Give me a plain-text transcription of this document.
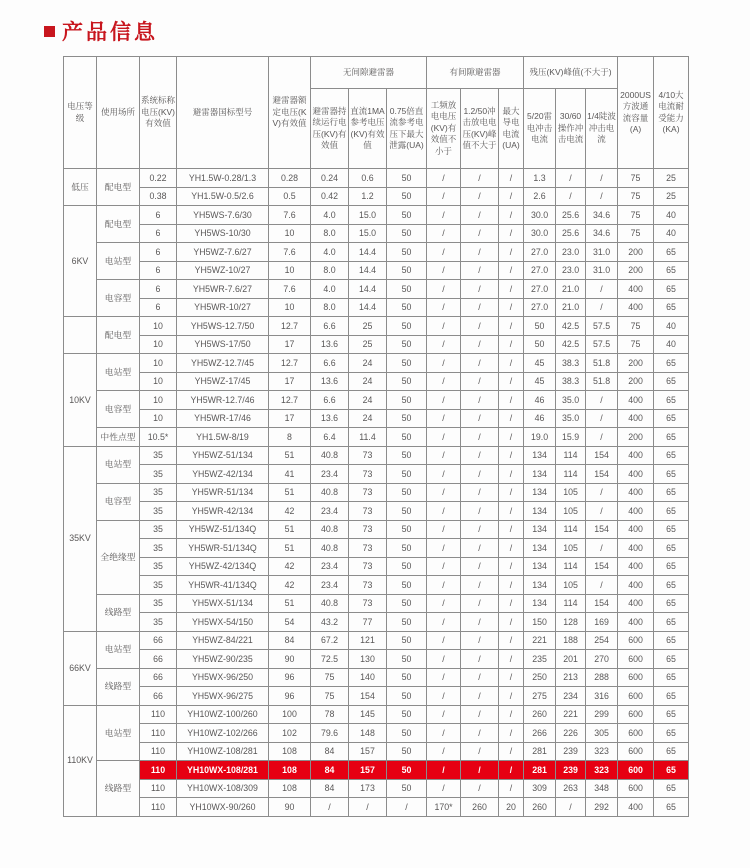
产品信息
电压等级	使用场所	系统标称电压(KV)有效值	避雷器国标型号	避雷器额定电压(KV)有效值	无间隙避雷器			有间隙避雷器			残压(KV)峰值(不大于)			2000US方波通流容量(A)	4/10大电流耐受能力(KA)
					避雷器持续运行电压(KV)有效值	直流1MA参考电压(KV)有效值	0.75倍直流参考电压下最大泄露(UA)	工频放电电压(KV)有效值不小于	1.2/50冲击放电电压(KV)峰值不大于	最大导电电流(UA)	5/20雷电冲击电流	30/60操作冲击电流	1/4陡波冲击电流		
低压	配电型	0.22	YH1.5W-0.28/1.3	0.28	0.24	0.6	50	/	/	/	1.3	/	/	75	25
		0.38	YH1.5W-0.5/2.6	0.5	0.42	1.2	50	/	/	/	2.6	/	/	75	25
6KV	配电型	6	YH5WS-7.6/30	7.6	4.0	15.0	50	/	/	/	30.0	25.6	34.6	75	40
		6	YH5WS-10/30	10	8.0	15.0	50	/	/	/	30.0	25.6	34.6	75	40
	电站型	6	YH5WZ-7.6/27	7.6	4.0	14.4	50	/	/	/	27.0	23.0	31.0	200	65
		6	YH5WZ-10/27	10	8.0	14.4	50	/	/	/	27.0	23.0	31.0	200	65
	电容型	6	YH5WR-7.6/27	7.6	4.0	14.4	50	/	/	/	27.0	21.0	/	400	65
		6	YH5WR-10/27	10	8.0	14.4	50	/	/	/	27.0	21.0	/	400	65
	配电型	10	YH5WS-12.7/50	12.7	6.6	25	50	/	/	/	50	42.5	57.5	75	40
		10	YH5WS-17/50	17	13.6	25	50	/	/	/	50	42.5	57.5	75	40
10KV	电站型	10	YH5WZ-12.7/45	12.7	6.6	24	50	/	/	/	45	38.3	51.8	200	65
		10	YH5WZ-17/45	17	13.6	24	50	/	/	/	45	38.3	51.8	200	65
	电容型	10	YH5WR-12.7/46	12.7	6.6	24	50	/	/	/	46	35.0	/	400	65
		10	YH5WR-17/46	17	13.6	24	50	/	/	/	46	35.0	/	400	65
	中性点型	10.5*	YH1.5W-8/19	8	6.4	11.4	50	/	/	/	19.0	15.9	/	200	65
35KV	电站型	35	YH5WZ-51/134	51	40.8	73	50	/	/	/	134	114	154	400	65
		35	YH5WZ-42/134	41	23.4	73	50	/	/	/	134	114	154	400	65
	电容型	35	YH5WR-51/134	51	40.8	73	50	/	/	/	134	105	/	400	65
		35	YH5WR-42/134	42	23.4	73	50	/	/	/	134	105	/	400	65
	全绝缘型	35	YH5WZ-51/134Q	51	40.8	73	50	/	/	/	134	114	154	400	65
		35	YH5WR-51/134Q	51	40.8	73	50	/	/	/	134	105	/	400	65
		35	YH5WZ-42/134Q	42	23.4	73	50	/	/	/	134	114	154	400	65
		35	YH5WR-41/134Q	42	23.4	73	50	/	/	/	134	105	/	400	65
	线路型	35	YH5WX-51/134	51	40.8	73	50	/	/	/	134	114	154	400	65
		35	YH5WX-54/150	54	43.2	77	50	/	/	/	150	128	169	400	65
66KV	电站型	66	YH5WZ-84/221	84	67.2	121	50	/	/	/	221	188	254	600	65
		66	YH5WZ-90/235	90	72.5	130	50	/	/	/	235	201	270	600	65
	线路型	66	YH5WX-96/250	96	75	140	50	/	/	/	250	213	288	600	65
		66	YH5WX-96/275	96	75	154	50	/	/	/	275	234	316	600	65
110KV	电站型	110	YH10WZ-100/260	100	78	145	50	/	/	/	260	221	299	600	65
		110	YH10WZ-102/266	102	79.6	148	50	/	/	/	266	226	305	600	65
		110	YH10WZ-108/281	108	84	157	50	/	/	/	281	239	323	600	65
	线路型	110	YH10WX-108/281	108	84	157	50	/	/	/	281	239	323	600	65
		110	YH10WX-108/309	108	84	173	50	/	/	/	309	263	348	600	65
		110	YH10WX-90/260	90	/	/	/	170*	260	20	260	/	292	400	65
